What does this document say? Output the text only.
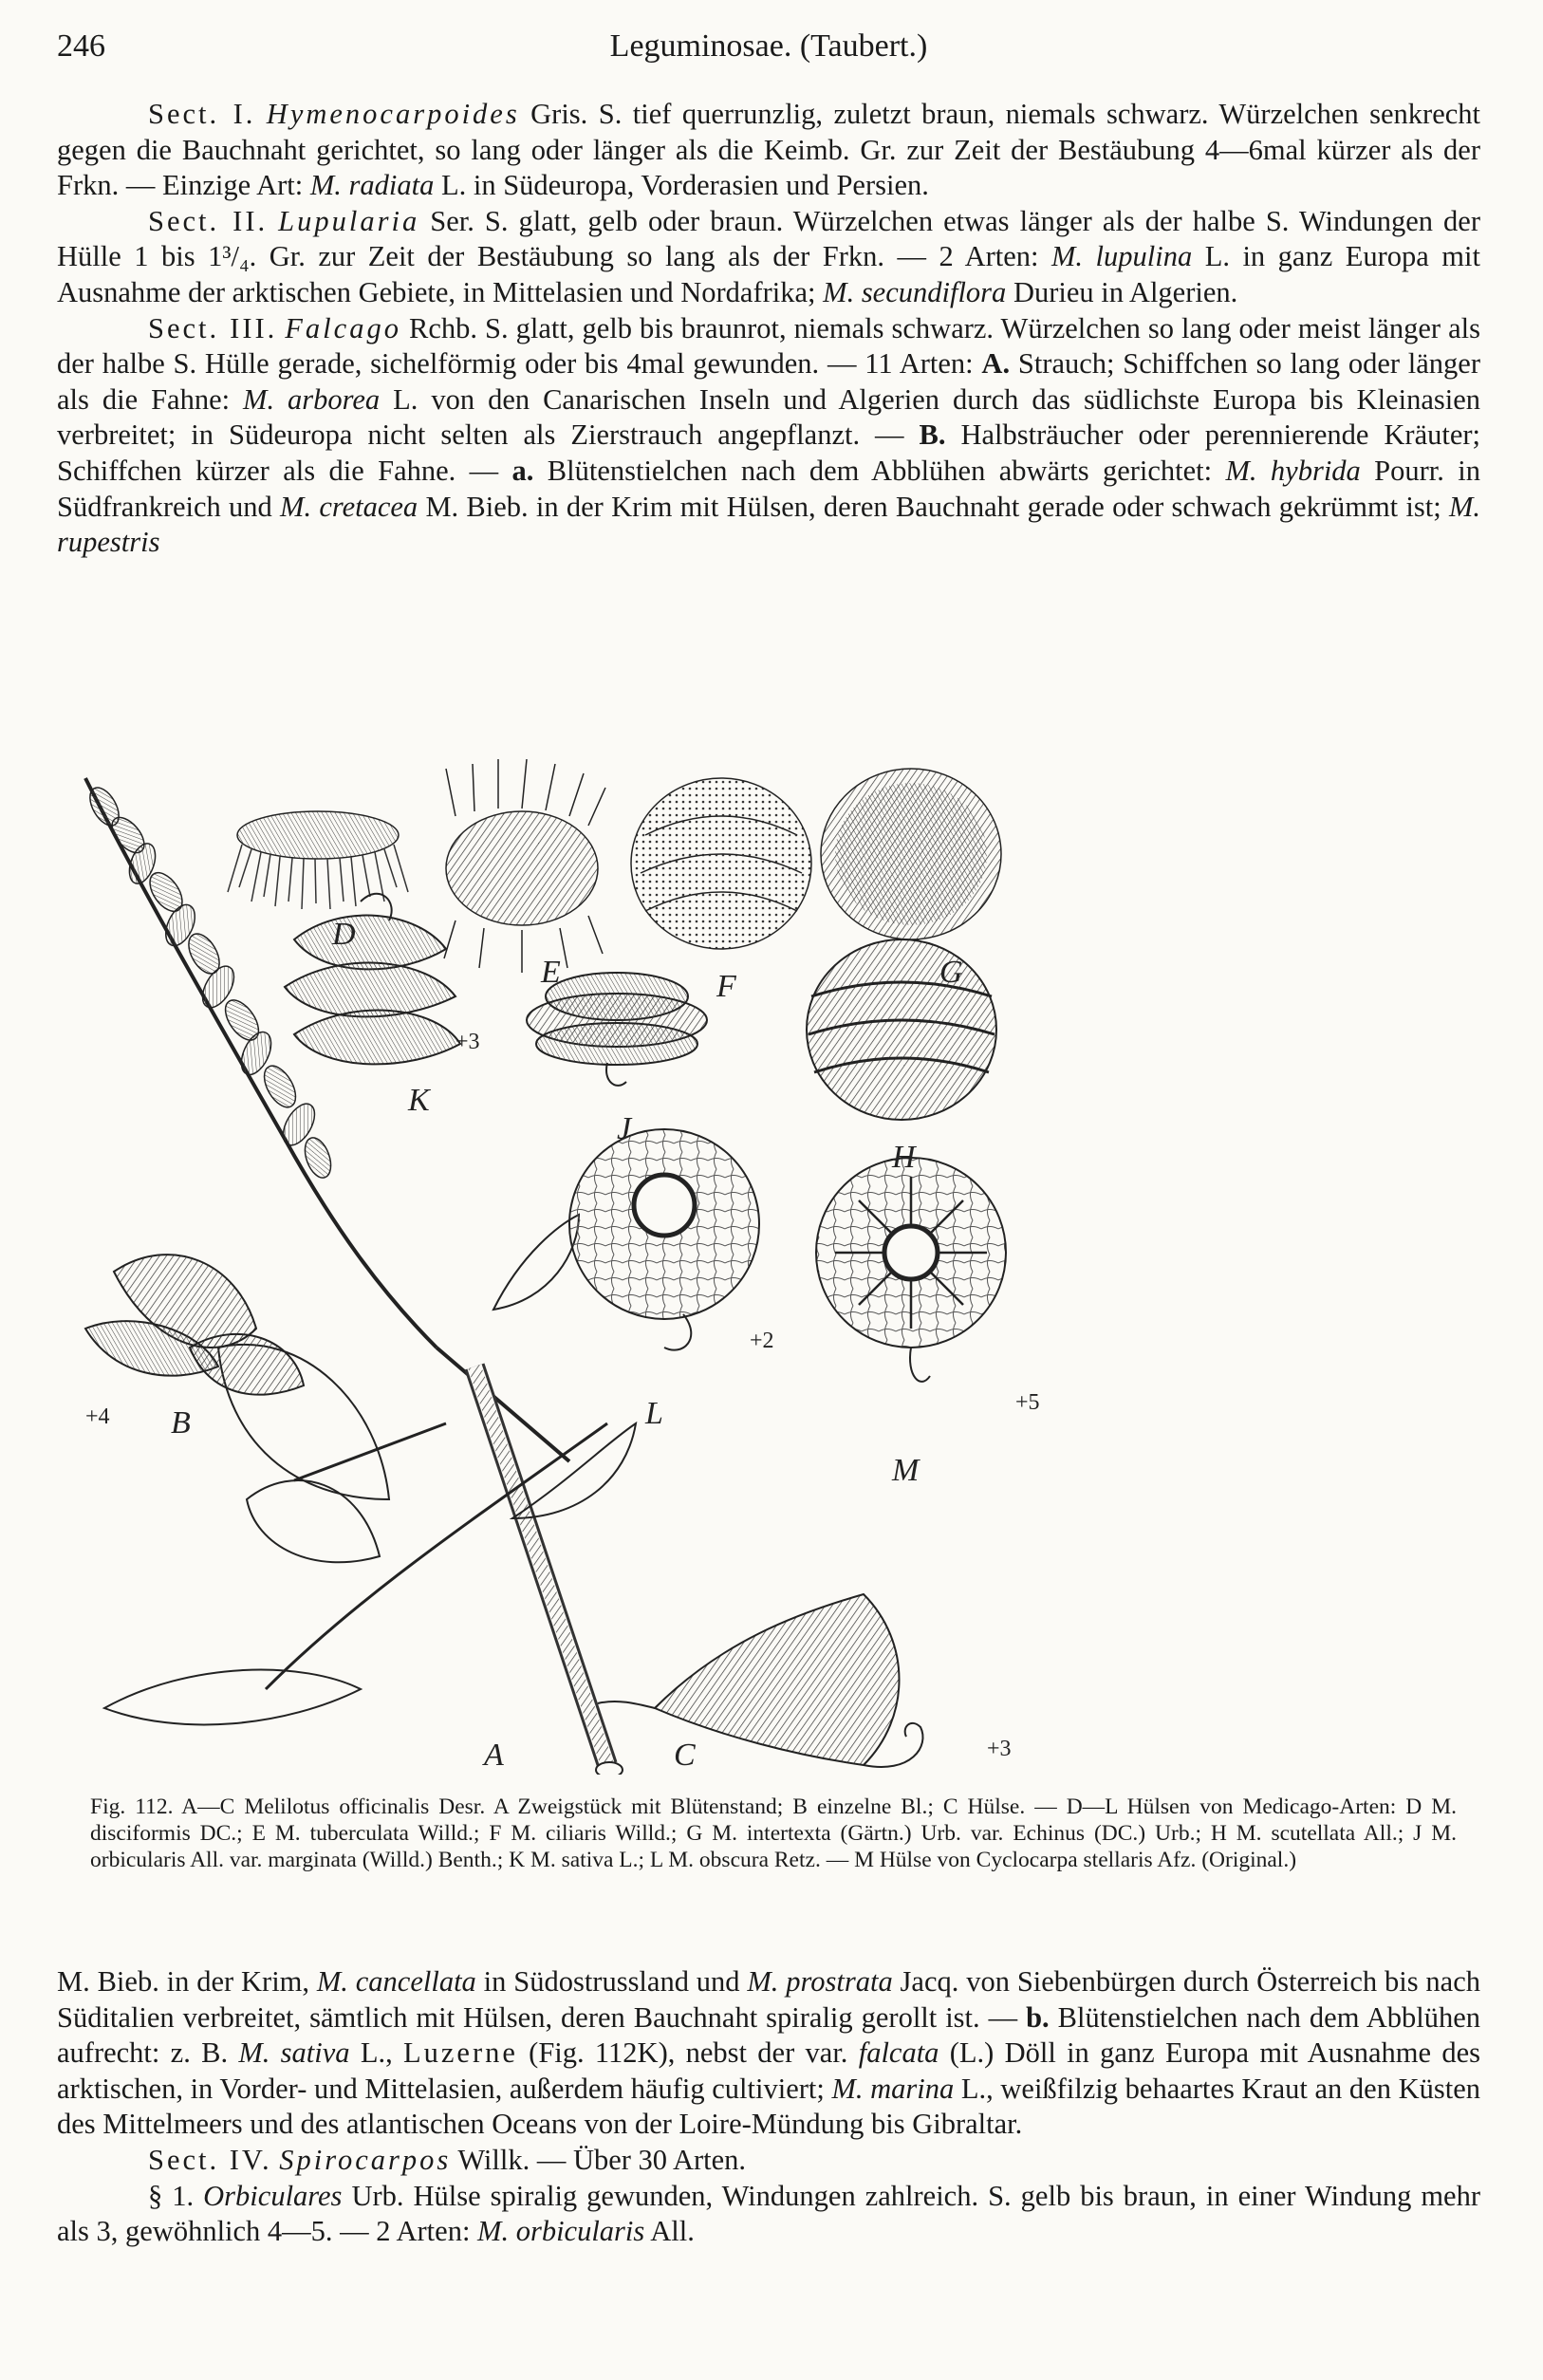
246	Leguminosae. (Taubert.)

Sect. I. Hymenocarpoides Gris. S. tief querrunzlig, zuletzt braun, niemals schwarz. Würzelchen senkrecht gegen die Bauchnaht gerichtet, so lang oder länger als die Keimb. Gr. zur Zeit der Bestäubung 4—6mal kürzer als der Frkn. — Einzige Art: M. radiata L. in Südeuropa, Vorderasien und Persien.

Sect. II. Lupularia Ser. S. glatt, gelb oder braun. Würzelchen etwas länger als der halbe S. Windungen der Hülle 1 bis 1³/₄. Gr. zur Zeit der Bestäubung so lang als der Frkn. — 2 Arten: M. lupulina L. in ganz Europa mit Ausnahme der arktischen Gebiete, in Mittelasien und Nordafrika; M. secundiflora Durieu in Algerien.

Sect. III. Falcago Rchb. S. glatt, gelb bis braunrot, niemals schwarz. Würzelchen so lang oder meist länger als der halbe S. Hülle gerade, sichelförmig oder bis 4mal gewunden. — 11 Arten: A. Strauch; Schiffchen so lang oder länger als die Fahne: M. arborea L. von den Canarischen Inseln und Algerien durch das südlichste Europa bis Kleinasien verbreitet; in Südeuropa nicht selten als Zierstrauch angepflanzt. — B. Halbsträucher oder perennierende Kräuter; Schiffchen kürzer als die Fahne. — a. Blütenstielchen nach dem Abblühen abwärts gerichtet: M. hybrida Pourr. in Südfrankreich und M. cretacea M. Bieb. in der Krim mit Hülsen, deren Bauchnaht gerade oder schwach gekrümmt ist; M. rupestris

D
E	F	G
K
J
H
B	L
M
A	C
+4
+3
+2
+5
+3

Fig. 112. A—C Melilotus officinalis Desr. A Zweigstück mit Blütenstand; B einzelne Bl.; C Hülse. — D—L Hülsen von Medicago-Arten: D M. disciformis DC.; E M. tuberculata Willd.; F M. ciliaris Willd.; G M. intertexta (Gärtn.) Urb. var. Echinus (DC.) Urb.; H M. scutellata All.; J M. orbicularis All. var. marginata (Willd.) Benth.; K M. sativa L.; L M. obscura Retz. — M Hülse von Cyclocarpa stellaris Afz. (Original.)

M. Bieb. in der Krim, M. cancellata in Südostrussland und M. prostrata Jacq. von Siebenbürgen durch Österreich bis nach Süditalien verbreitet, sämtlich mit Hülsen, deren Bauchnaht spiralig gerollt ist. — b. Blütenstielchen nach dem Abblühen aufrecht: z. B. M. sativa L., Luzerne (Fig. 112K), nebst der var. falcata (L.) Döll in ganz Europa mit Ausnahme des arktischen, in Vorder- und Mittelasien, außerdem häufig cultiviert; M. marina L., weißfilzig behaartes Kraut an den Küsten des Mittelmeers und des atlantischen Oceans von der Loire-Mündung bis Gibraltar.

Sect. IV. Spirocarpos Willk. — Über 30 Arten.

§ 1. Orbiculares Urb. Hülse spiralig gewunden, Windungen zahlreich. S. gelb bis braun, in einer Windung mehr als 3, gewöhnlich 4—5. — 2 Arten: M. orbicularis All.
